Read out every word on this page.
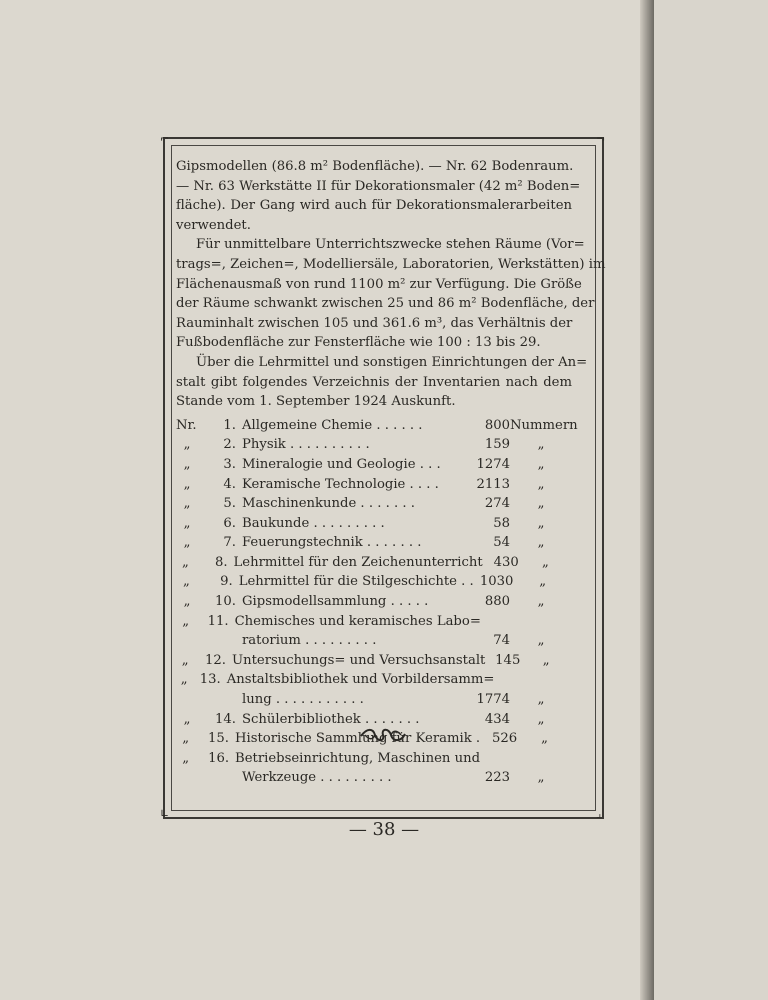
⌐	¬
∟	⌟
Gipsmodellen (86.8 m² Bodenfläche). — Nr. 62 Bodenraum.
— Nr. 63 Werkstätte II für Dekorationsmaler (42 m² Boden=
fläche). Der Gang wird auch für Dekorationsmalerarbeiten
verwendet.
Für unmittelbare Unterrichtszwecke stehen Räume (Vor=
trags=, Zeichen=, Modelliersäle, Laboratorien, Werkstätten) im
Flächenausmaß von rund 1100 m² zur Verfügung. Die Größe
der Räume schwankt zwischen 25 und 86 m² Bodenfläche, der
Rauminhalt zwischen 105 und 361.6 m³, das Verhältnis der
Fußbodenfläche zur Fensterfläche wie 100 : 13 bis 29.
Über die Lehrmittel und sonstigen Einrichtungen der An=
stalt gibt folgendes Verzeichnis der Inventarien nach dem
Stande vom 1. September 1924 Auskunft.
Nr.	1. Allgemeine Chemie . . . . . .	800 Nummern
„	2. Physik . . . . . . . . . .	159	„
„	3. Mineralogie und Geologie . . .	1274	„
„	4. Keramische Technologie . . . .	2113	„
„	5. Maschinenkunde . . . . . . .	274	„
„	6. Baukunde . . . . . . . . .	58	„
„	7. Feuerungstechnik . . . . . . .	54	„
„	8. Lehrmittel für den Zeichenunterricht 430	„
„	9. Lehrmittel für die Stilgeschichte . . 1030	„
„	10. Gipsmodellsammlung . . . . .	880	„
„	11. Chemisches und keramisches Labo=
ratorium . . . . . . . . .	74	„
„	12. Untersuchungs= und Versuchsanstalt 145	„
„ 13. Anstaltsbibliothek und Vorbildersamm=
lung . . . . . . . . . . .	1774	„
„	14. Schülerbibliothek . . . . . . .	434	„
„	15. Historische Sammlung für Keramik . 526	„
„	16. Betriebseinrichtung, Maschinen und
Werkzeuge . . . . . . . . .	223	„
— 38 —
